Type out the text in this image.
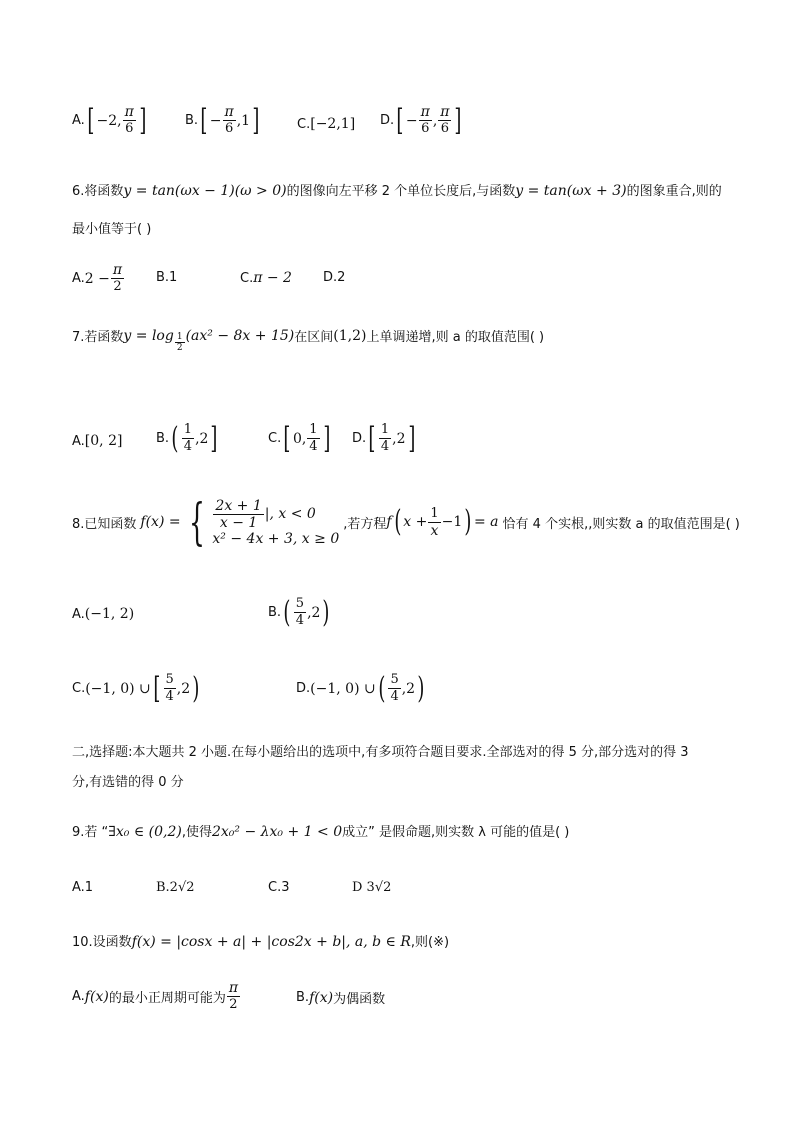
A. [ −2, $\frac{\pi}{6}$ ]	B. [ − $\frac{\pi}{6} ,1$ ]	C. [ −2,1 ] D. [ − $\frac{\pi}{6}$ , $\frac{\pi}{6}$ ]
6.将函数y = tan(ωx − 1)(ω > 0)的图像向左平移 2 个单位长度后,与函数y = tan(ωx + 3)的图象重合,则的
最小值等于( )
A. $2 - \frac{\pi}{2} B.1$	C. π − 2 D.2
7.若函数 $y = \log \frac{1}{2} (ax^2 - 8x + 15)$ 在区间 (1,2) 上单调递增,则 a 的取值范围( )
A. [0, 2]	B. ( $\frac{1}{4} ,2$ ]	C. [ 0, $\frac{1}{4}$ ] D. [ $\frac{1}{4} ,2$ ]
8.已知函数 f(x) = { $\frac{2x + 1}{x - 1}$ |, x < 0
x² − 4x + 3, x ≥ 0
,若方程 f ( $x + \frac{1}{x} -1$ ) = a 恰有 4 个实根,,则实数 a 的取值范围是( )
A. (−1, 2)	B. ( $\frac{5}{4} ,2$ )
C. (−1, 0) ∪ [ $\frac{5}{4} ,2$ )	D. (−1, 0) ∪ ( $\frac{5}{4} ,2$ )
二,选择题:本大题共 2 小题.在每小题给出的选项中,有多项符合题目要求.全部选对的得 5 分,部分选对的得 3
分,有选错的得 0 分
9.若 “∃x₀ ∈ (0,2),使得2x₀² − λx₀ + 1 < 0成立” 是假命题,则实数 λ 可能的值是( )
A.1	B.2√2	C.3	D 3√2
10.设函数f(x) = |cosx + a| + |cos2x + b|, a, b ∈ R,则(※)
A. f(x) 的最小正周期可能为 $\frac{\pi}{2}$	B. f(x) 为偶函数
